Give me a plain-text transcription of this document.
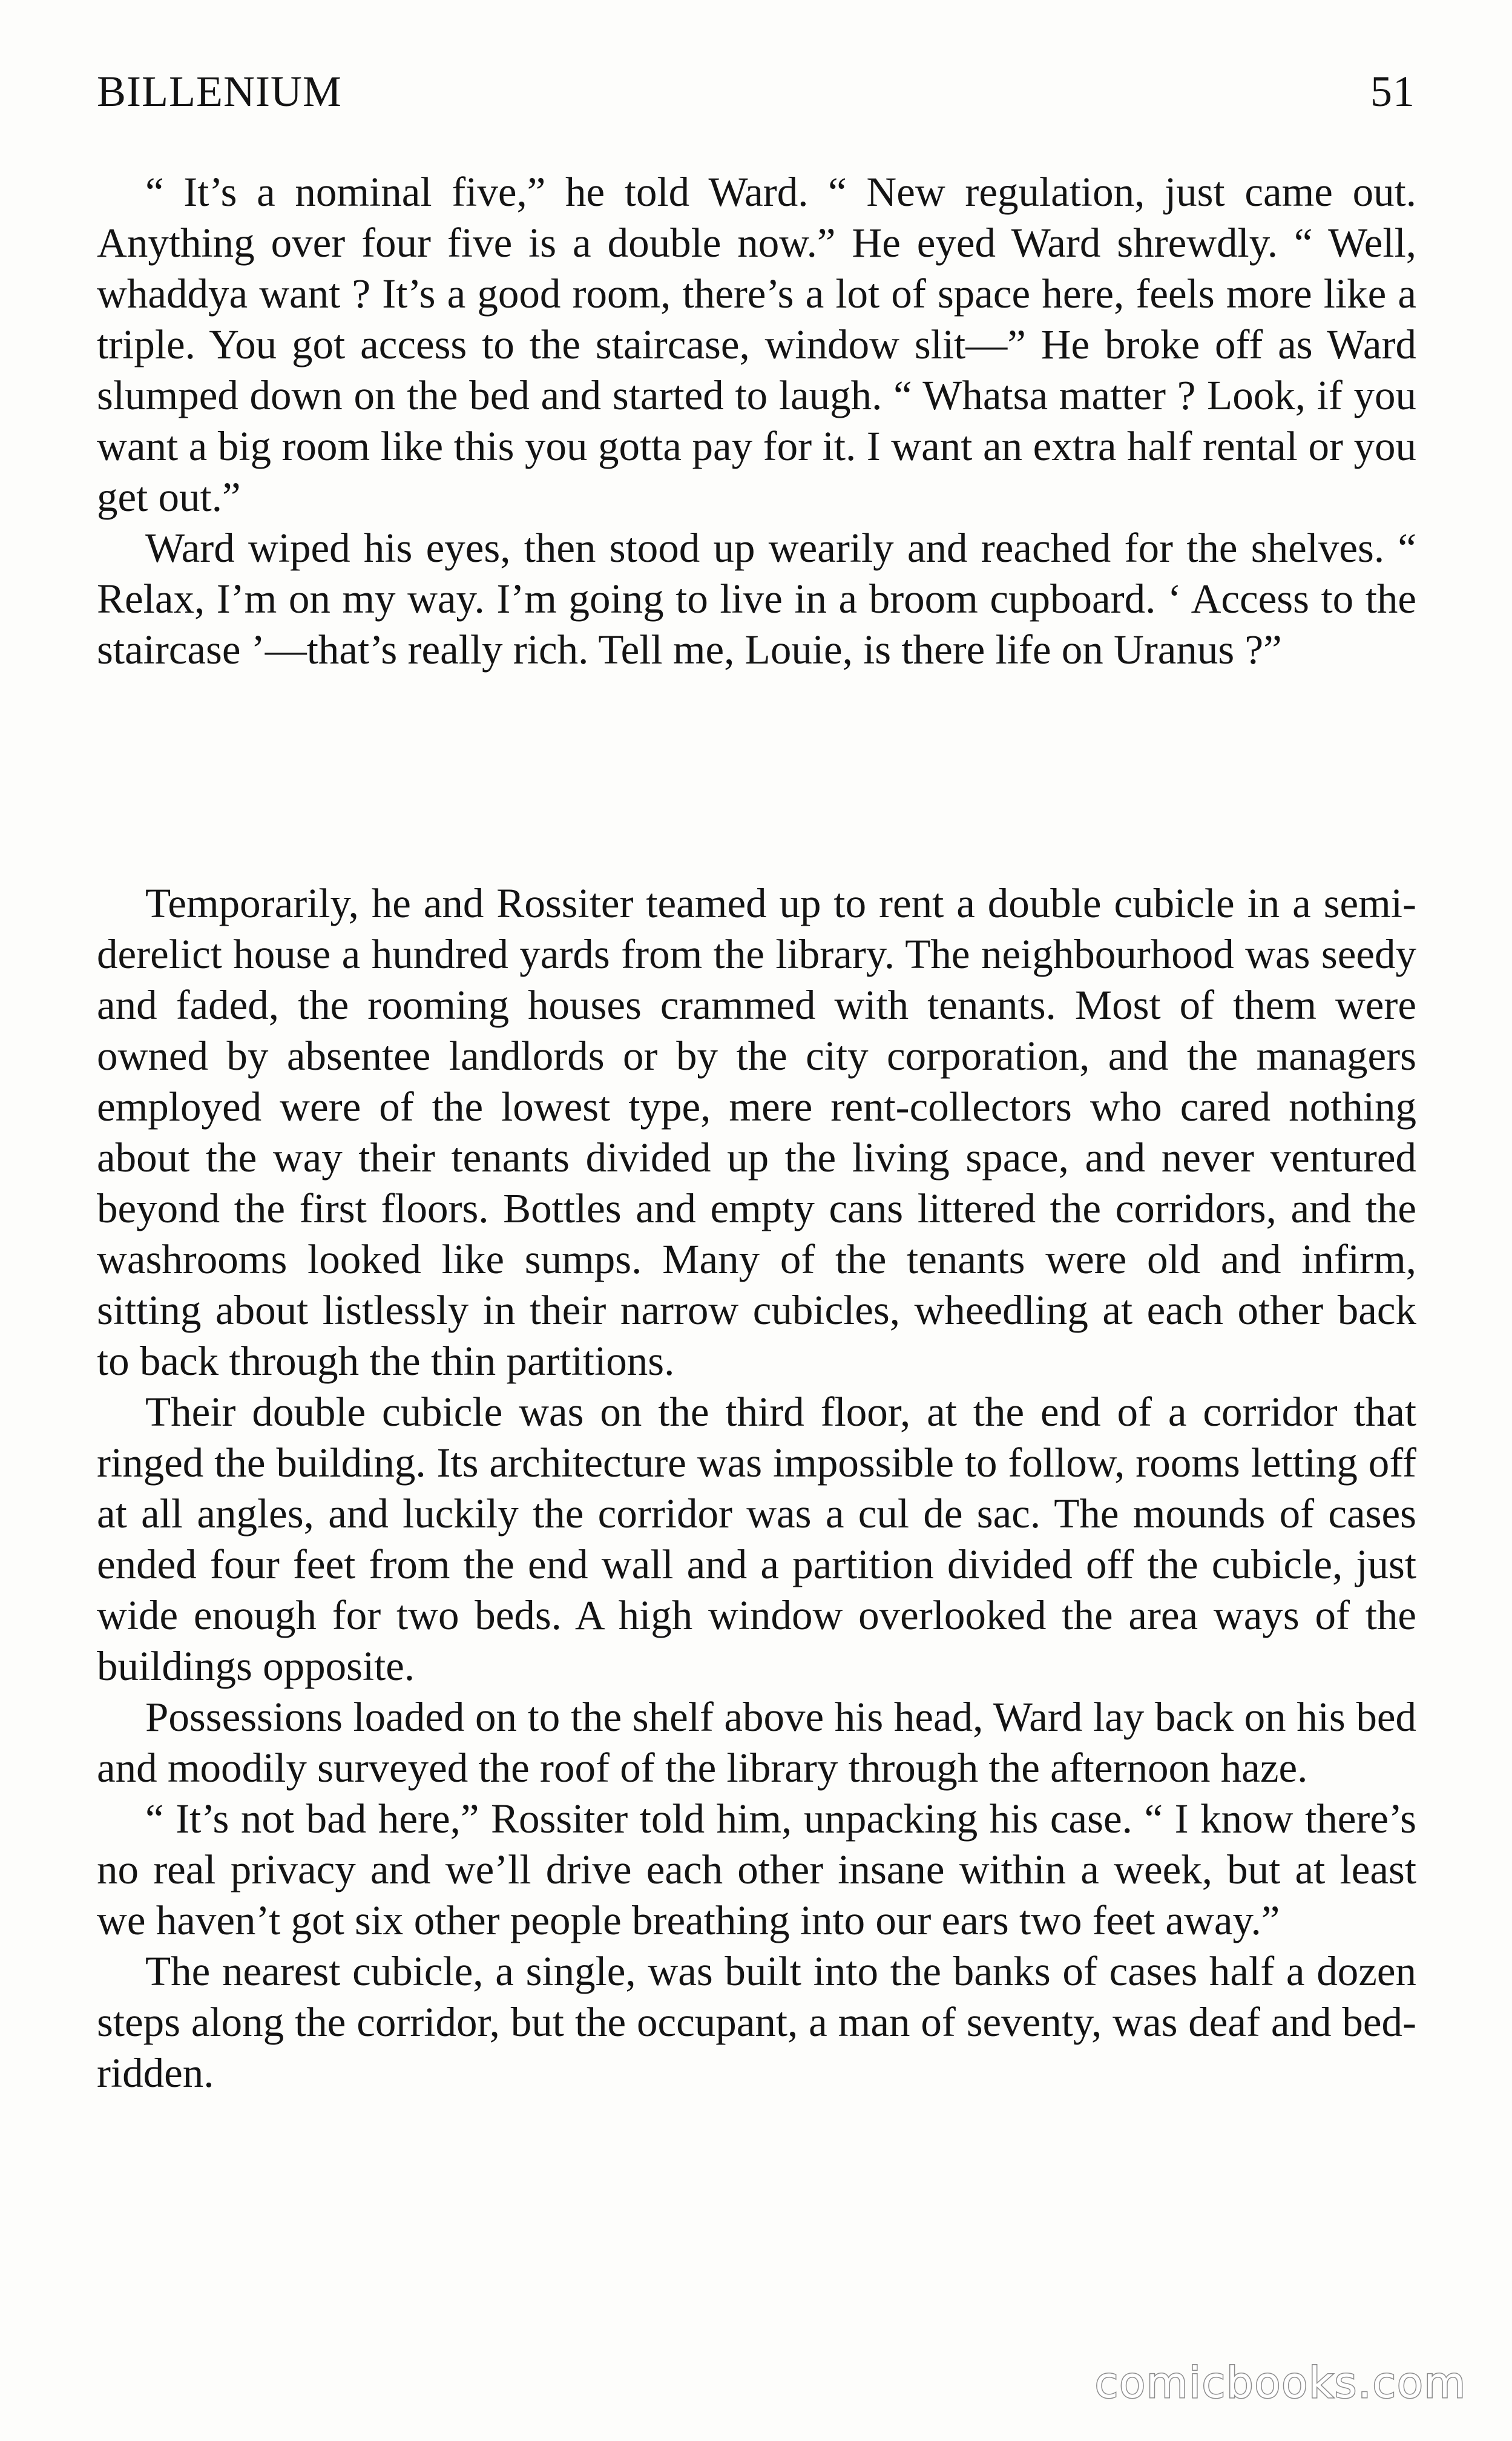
BILLENIUM	51

“ It’s a nominal five,” he told Ward. “ New regulation, just came out. Anything over four five is a double now.” He eyed Ward shrewdly. “ Well, whaddya want ? It’s a good room, there’s a lot of space here, feels more like a triple. You got access to the staircase, window slit—” He broke off as Ward slumped down on the bed and started to laugh. “ Whatsa matter ? Look, if you want a big room like this you gotta pay for it. I want an extra half rental or you get out.”

Ward wiped his eyes, then stood up wearily and reached for the shelves. “ Relax, I’m on my way. I’m going to live in a broom cupboard. ‘ Access to the staircase ’—that’s really rich. Tell me, Louie, is there life on Uranus ?”

Temporarily, he and Rossiter teamed up to rent a double cubicle in a semi-derelict house a hundred yards from the library. The neighbourhood was seedy and faded, the rooming houses crammed with tenants. Most of them were owned by absentee landlords or by the city corporation, and the managers employed were of the lowest type, mere rent-collectors who cared nothing about the way their tenants divided up the living space, and never ventured beyond the first floors. Bottles and empty cans littered the corridors, and the washrooms looked like sumps. Many of the tenants were old and infirm, sitting about listlessly in their narrow cubicles, wheedling at each other back to back through the thin partitions.

Their double cubicle was on the third floor, at the end of a corridor that ringed the building. Its architecture was impossible to follow, rooms letting off at all angles, and luckily the corridor was a cul de sac. The mounds of cases ended four feet from the end wall and a partition divided off the cubicle, just wide enough for two beds. A high window overlooked the area ways of the buildings opposite.

Possessions loaded on to the shelf above his head, Ward lay back on his bed and moodily surveyed the roof of the library through the afternoon haze.

“ It’s not bad here,” Rossiter told him, unpacking his case. “ I know there’s no real privacy and we’ll drive each other insane within a week, but at least we haven’t got six other people breathing into our ears two feet away.”

The nearest cubicle, a single, was built into the banks of cases half a dozen steps along the corridor, but the occupant, a man of seventy, was deaf and bed-ridden.

comicbooks.com
